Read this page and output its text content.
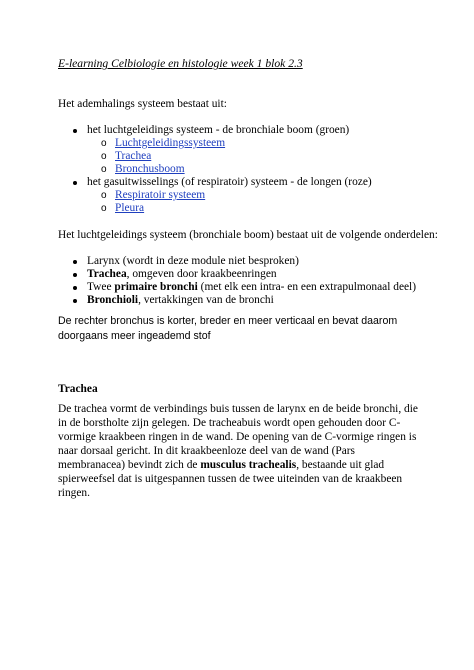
E-learning Celbiologie en histologie week 1 blok 2.3
Het ademhalings systeem bestaat uit:
het luchtgeleidings systeem - de bronchiale boom (groen)
o Luchtgeleidingssysteem
o Trachea
o Bronchusboom
het gasuitwisselings (of respiratoir) systeem - de longen (roze)
o Respiratoir systeem
o Pleura
Het luchtgeleidings systeem (bronchiale boom) bestaat uit de volgende onderdelen:
Larynx (wordt in deze module niet besproken)
Trachea, omgeven door kraakbeenringen
Twee primaire bronchi (met elk een intra- en een extrapulmonaal deel)
Bronchioli, vertakkingen van de bronchi
De rechter bronchus is korter, breder en meer verticaal en bevat daarom doorgaans meer ingeademd stof
Trachea
De trachea vormt de verbindings buis tussen de larynx en de beide bronchi, die in de borstholte zijn gelegen. De tracheabuis wordt open gehouden door C-vormige kraakbeen ringen in de wand. De opening van de C-vormige ringen is naar dorsaal gericht. In dit kraakbeenloze deel van de wand (Pars membranacea) bevindt zich de musculus trachealis, bestaande uit glad spierweefsel dat is uitgespannen tussen de twee uiteinden van de kraakbeen ringen.
